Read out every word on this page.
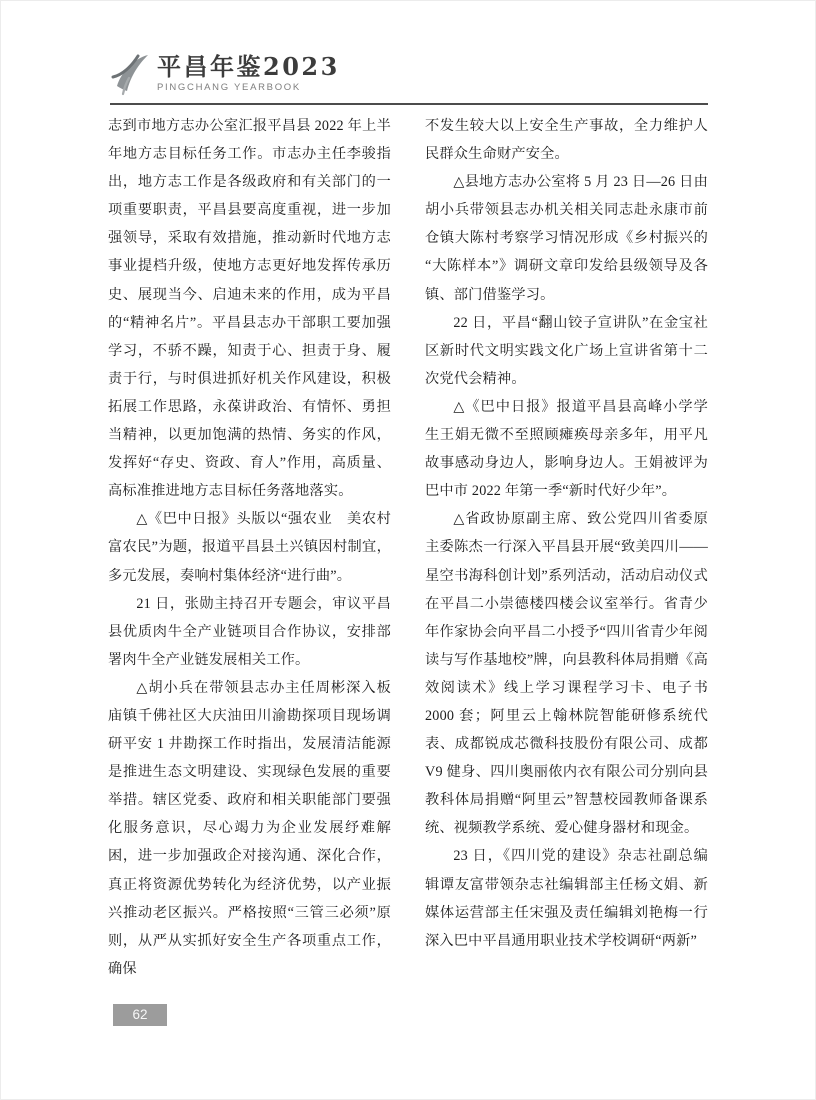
平昌年鉴2023
PINGCHANG YEARBOOK

志到市地方志办公室汇报平昌县 2022 年上半年地方志目标任务工作。市志办主任李骏指出，地方志工作是各级政府和有关部门的一项重要职责，平昌县要高度重视，进一步加强领导，采取有效措施，推动新时代地方志事业提档升级，使地方志更好地发挥传承历史、展现当今、启迪未来的作用，成为平昌的“精神名片”。平昌县志办干部职工要加强学习，不骄不躁，知责于心、担责于身、履责于行，与时俱进抓好机关作风建设，积极拓展工作思路，永葆讲政治、有情怀、勇担当精神，以更加饱满的热情、务实的作风，发挥好“存史、资政、育人”作用，高质量、高标准推进地方志目标任务落地落实。

△《巴中日报》头版以“强农业　美农村　富农民”为题，报道平昌县土兴镇因村制宜，多元发展，奏响村集体经济“进行曲”。

21 日，张勋主持召开专题会，审议平昌县优质肉牛全产业链项目合作协议，安排部署肉牛全产业链发展相关工作。

△胡小兵在带领县志办主任周彬深入板庙镇千佛社区大庆油田川渝勘探项目现场调研平安 1 井勘探工作时指出，发展清洁能源是推进生态文明建设、实现绿色发展的重要举措。辖区党委、政府和相关职能部门要强化服务意识，尽心竭力为企业发展纾难解困，进一步加强政企对接沟通、深化合作，真正将资源优势转化为经济优势，以产业振兴推动老区振兴。严格按照“三管三必须”原则，从严从实抓好安全生产各项重点工作，确保

不发生较大以上安全生产事故，全力维护人民群众生命财产安全。

△县地方志办公室将 5 月 23 日—26 日由胡小兵带领县志办机关相关同志赴永康市前仓镇大陈村考察学习情况形成《乡村振兴的“大陈样本”》调研文章印发给县级领导及各镇、部门借鉴学习。

22 日，平昌“翻山铰子宣讲队”在金宝社区新时代文明实践文化广场上宣讲省第十二次党代会精神。

△《巴中日报》报道平昌县高峰小学学生王娟无微不至照顾瘫痪母亲多年，用平凡故事感动身边人，影响身边人。王娟被评为巴中市 2022 年第一季“新时代好少年”。

△省政协原副主席、致公党四川省委原主委陈杰一行深入平昌县开展“致美四川——星空书海科创计划”系列活动，活动启动仪式在平昌二小崇德楼四楼会议室举行。省青少年作家协会向平昌二小授予“四川省青少年阅读与写作基地校”牌，向县教科体局捐赠《高效阅读术》线上学习课程学习卡、电子书 2000 套；阿里云上翰林院智能研修系统代表、成都锐成芯微科技股份有限公司、成都 V9 健身、四川奥丽侬内衣有限公司分别向县教科体局捐赠“阿里云”智慧校园教师备课系统、视频教学系统、爱心健身器材和现金。

23 日，《四川党的建设》杂志社副总编辑谭友富带领杂志社编辑部主任杨文娟、新媒体运营部主任宋强及责任编辑刘艳梅一行深入巴中平昌通用职业技术学校调研“两新”

62
